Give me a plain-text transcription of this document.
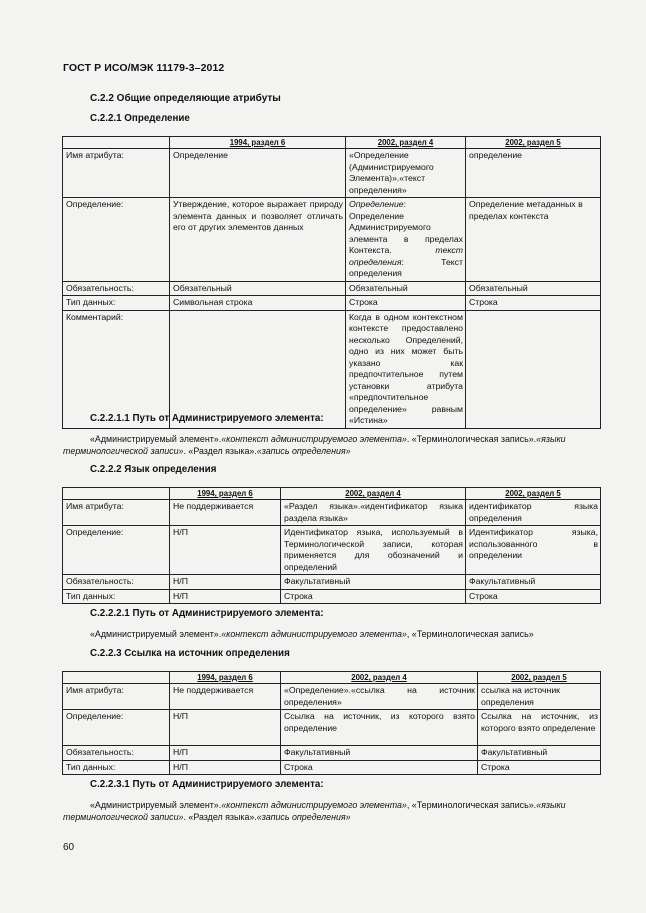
ГОСТ Р ИСО/МЭК 11179-3–2012
C.2.2 Общие определяющие атрибуты
C.2.2.1 Определение
	1994, раздел 6	2002, раздел 4	2002, раздел 5
Имя атрибута:	Определение	«Определение (Администрируемого Элемента)».«текст определения»	определение
Определение:	Утверждение, которое выражает природу элемента данных и позволяет отличать его от других элементов данных	Определение: Определение Администрируемого элемента в пределах Контекста. текст определения: Текст определения	Определение метаданных в пределах контекста
Обязательность:	Обязательный	Обязательный	Обязательный
Тип данных:	Символьная строка	Строка	Строка
Комментарий:		Когда в одном контекстном контексте предоставлено несколько Определений, одно из них может быть указано как предпочтительное путем установки атрибута «предпочтительное определение» равным «Истина»	
C.2.2.1.1 Путь от Администрируемого элемента:
«Администрируемый элемент».«контекст администрируемого элемента». «Терминологическая запись».«языки терминологической записи». «Раздел языка».«запись определения»
C.2.2.2 Язык определения
	1994, раздел 6	2002, раздел 4	2002, раздел 5
Имя атрибута:	Не поддерживается	«Раздел языка».«идентификатор языка раздела языка»	идентификатор языка определения
Определение:	Н/П	Идентификатор языка, используемый в Терминологической записи, которая применяется для обозначений и определений	Идентификатор языка, использованного в определении
Обязательность:	Н/П	Факультативный	Факультативный
Тип данных:	Н/П	Строка	Строка
C.2.2.2.1 Путь от Администрируемого элемента:
«Администрируемый элемент».«контекст администрируемого элемента», «Терминологическая запись»
C.2.2.3 Ссылка на источник определения
	1994, раздел 6	2002, раздел 4	2002, раздел 5
Имя атрибута:	Не поддерживается	«Определение».«ссылка на источник определения»	ссылка на источник определения
Определение:	Н/П	Ссылка на источник, из которого взято определение	Ссылка на источник, из которого взято определение
Обязательность:	Н/П	Факультативный	Факультативный
Тип данных:	Н/П	Строка	Строка
C.2.2.3.1 Путь от Администрируемого элемента:
«Администрируемый элемент».«контекст администрируемого элемента», «Терминологическая запись».«языки терминологической записи». «Раздел языка».«запись определения»
60
